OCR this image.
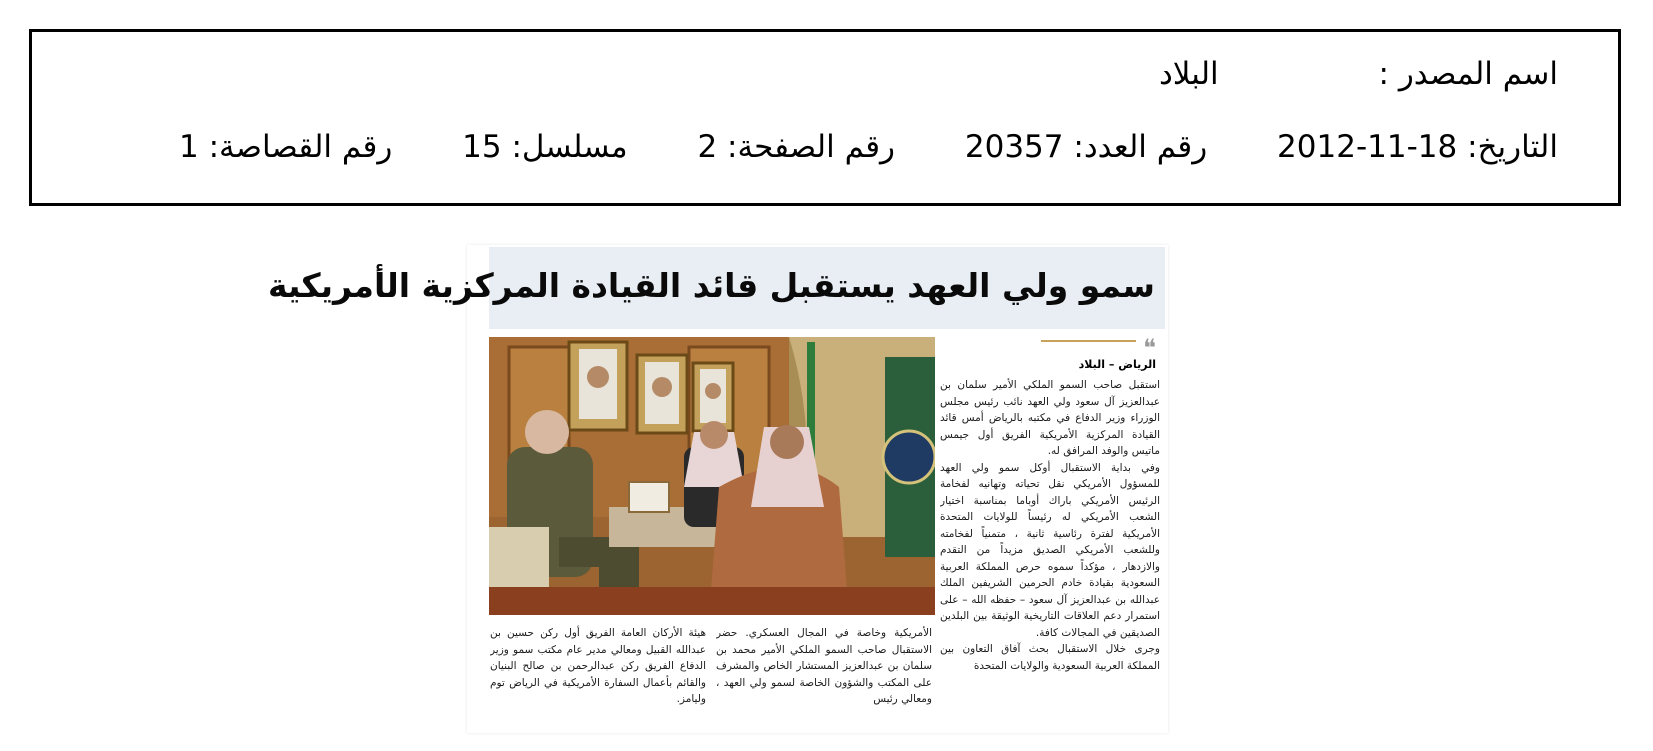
اسم المصدر : البلاد
التاريخ: 2012-11-18 رقم العدد: 20357 رقم الصفحة: 2 مسلسل: 15 رقم القصاصة: 1
سمو ولي العهد يستقبل قائد القيادة المركزية الأمريكية
❝
الرياض – البلاد

استقبل صاحب السمو الملكي الأمير سلمان بن عبدالعزيز آل سعود ولي العهد نائب رئيس مجلس الوزراء وزير الدفاع في مكتبه بالرياض أمس قائد القيادة المركزية الأمريكية الفريق أول جيمس ماتيس والوفد المرافق له.

وفي بداية الاستقبال أوكل سمو ولي العهد للمسؤول الأمريكي نقل تحياته وتهانيه لفخامة الرئيس الأمريكي باراك أوباما بمناسبة اختيار الشعب الأمريكي له رئيساً للولايات المتحدة الأمريكية لفترة رئاسية ثانية ، متمنياً لفخامته وللشعب الأمريكي الصديق مزيداً من التقدم والازدهار ، مؤكداً سموه حرص المملكة العربية السعودية بقيادة خادم الحرمين الشريفين الملك عبدالله بن عبدالعزيز آل سعود – حفظه الله – على استمرار دعم العلاقات التاريخية الوثيقة بين البلدين الصديقين في المجالات كافة.

وجرى خلال الاستقبال بحث آفاق التعاون بين المملكة العربية السعودية والولايات المتحدة

الأمريكية وخاصة في المجال العسكري. حضر الاستقبال صاحب السمو الملكي الأمير محمد بن سلمان بن عبدالعزيز المستشار الخاص والمشرف على المكتب والشؤون الخاصة لسمو ولي العهد ، ومعالي رئيس
هيئة الأركان العامة الفريق أول ركن حسين بن عبدالله القبيل ومعالي مدير عام مكتب سمو وزير الدفاع الفريق ركن عبدالرحمن بن صالح البنيان والقائم بأعمال السفارة الأمريكية في الرياض توم وليامز.
